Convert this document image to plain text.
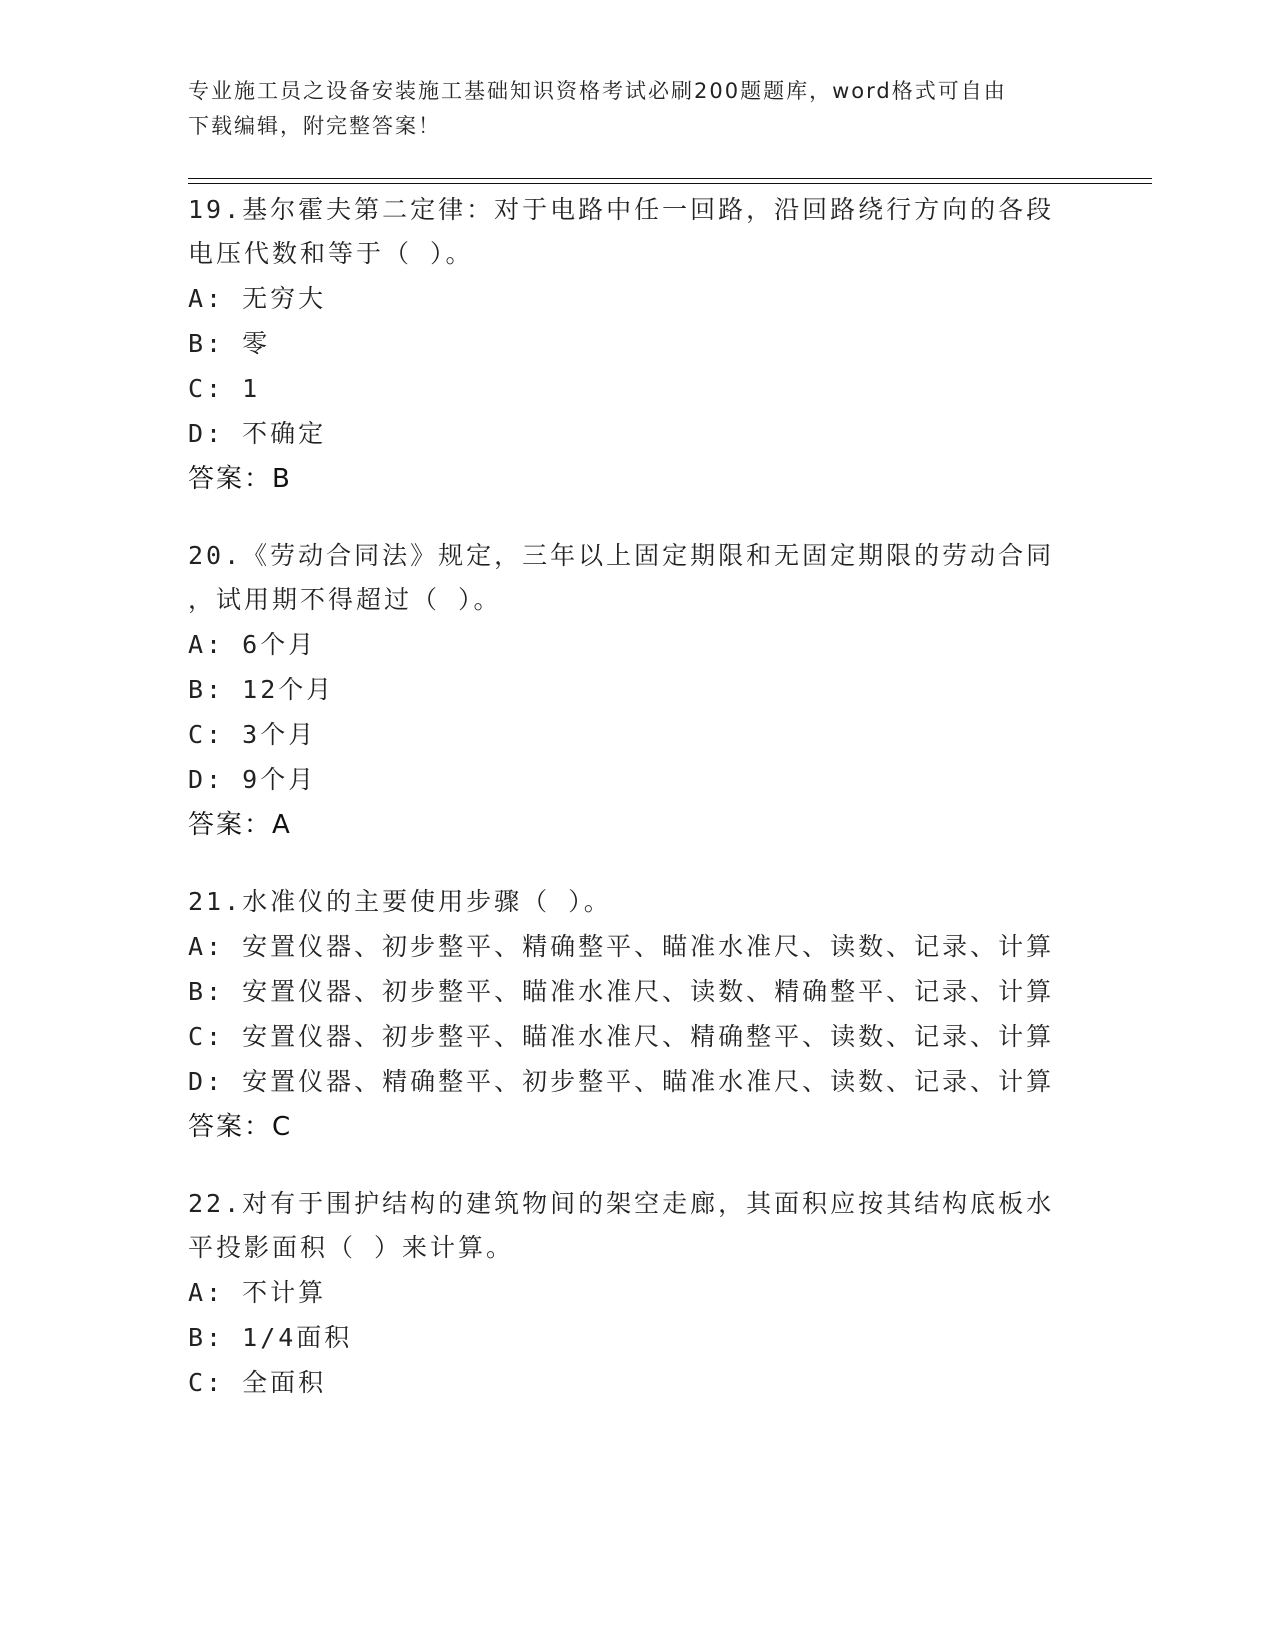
专业施工员之设备安装施工基础知识资格考试必刷200题题库，word格式可自由
下载编辑，附完整答案！
19.基尔霍夫第二定律：对于电路中任一回路，沿回路绕行方向的各段
电压代数和等于（ ）。
A: 无穷大
B: 零
C: 1
D: 不确定
答案：B
20.《劳动合同法》规定，三年以上固定期限和无固定期限的劳动合同
，试用期不得超过（ ）。
A: 6个月
B: 12个月
C: 3个月
D: 9个月
答案：A
21.水准仪的主要使用步骤（ ）。
A: 安置仪器、初步整平、精确整平、瞄准水准尺、读数、记录、计算
B: 安置仪器、初步整平、瞄准水准尺、读数、精确整平、记录、计算
C: 安置仪器、初步整平、瞄准水准尺、精确整平、读数、记录、计算
D: 安置仪器、精确整平、初步整平、瞄准水准尺、读数、记录、计算
答案：C
22.对有于围护结构的建筑物间的架空走廊，其面积应按其结构底板水
平投影面积（ ）来计算。
A: 不计算
B: 1/4面积
C: 全面积
